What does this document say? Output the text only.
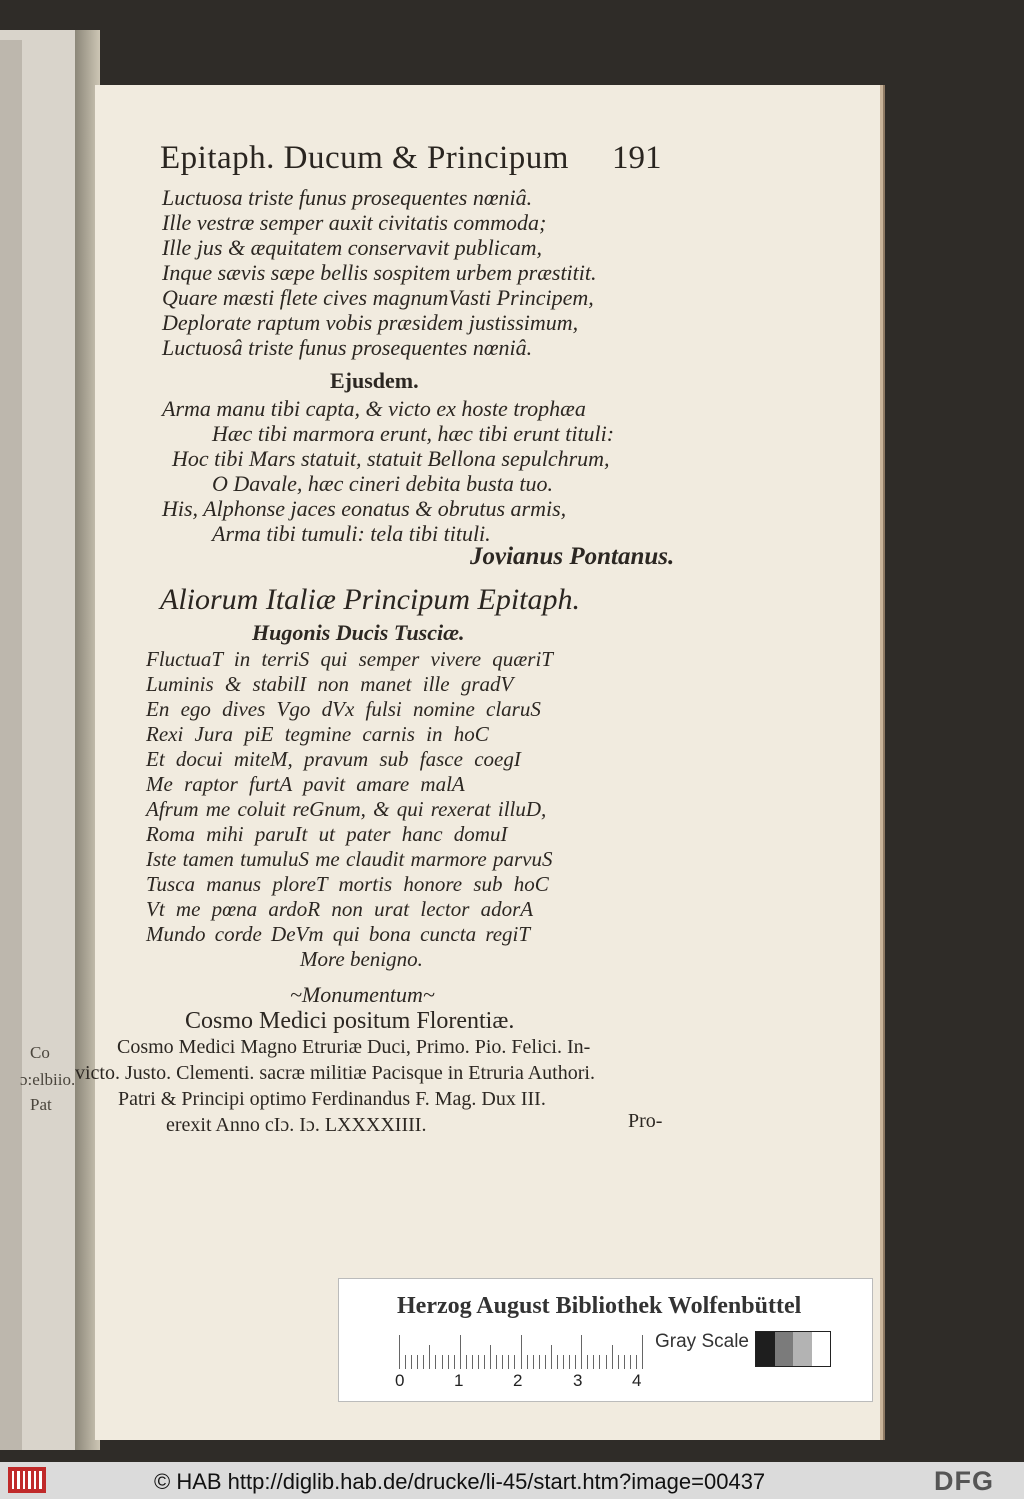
Co
ɔ:elbiio.
Pat
Epitaph. Ducum & Principum 191
Luctuosa triste funus prosequentes nœniâ.
Ille vestræ semper auxit civitatis commoda;
Ille jus & æquitatem conservavit publicam,
Inque sævis sæpe bellis sospitem urbem præstitit.
Quare mæsti flete cives magnumVasti Principem,
Deplorate raptum vobis præsidem justissimum,
Luctuosâ triste funus prosequentes nœniâ.
Ejusdem.
Arma manu tibi capta, & victo ex hoste trophæa
Hæc tibi marmora erunt, hæc tibi erunt tituli:
Hoc tibi Mars statuit, statuit Bellona sepulchrum,
O Davale, hæc cineri debita busta tuo.
His, Alphonse jaces eonatus & obrutus armis,
Arma tibi tumuli: tela tibi tituli.
Jovianus Pontanus.
Aliorum Italiæ Principum Epitaph.
Hugonis Ducis Tusciæ.
FluctuaT in terriS qui semper vivere quæriT
Luminis & stabilI non manet ille gradV
En ego dives Vgo dVx fulsi nomine claruS
Rexi Jura piE tegmine carnis in hoC
Et docui miteM, pravum sub fasce coegI
Me raptor furtA pavit amare malA
Afrum me coluit reGnum, & qui rexerat illuD,
Roma mihi paruIt ut pater hanc domuI
Iste tamen tumuluS me claudit marmore parvuS
Tusca manus ploreT mortis honore sub hoC
Vt me pœna ardoR non urat lector adorA
Mundo corde DeVm qui bona cuncta regiT
More benigno.
~Monumentum~
Cosmo Medici positum Florentiæ.
Cosmo Medici Magno Etruriæ Duci, Primo. Pio. Felici. In-
victo. Justo. Clementi. sacræ militiæ Pacisque in Etruria Authori.
Patri & Principi optimo Ferdinandus F. Mag. Dux III.
erexit Anno cIɔ. Iɔ. LXXXXIIII.	Pro-
Herzog August Bibliothek Wolfenbüttel
0	1	2	3	4
Gray Scale
© HAB http://diglib.hab.de/drucke/li-45/start.htm?image=00437	DFG
